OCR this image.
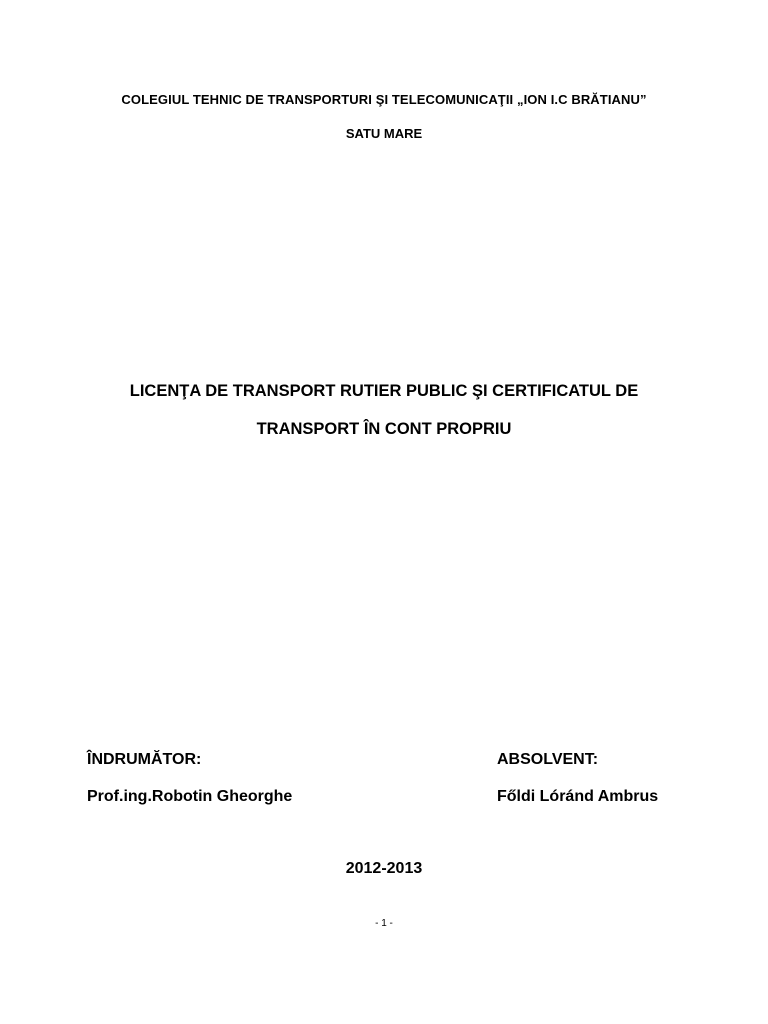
COLEGIUL TEHNIC DE TRANSPORTURI ŞI TELECOMUNICAŢII „ION I.C BRĂTIANU”
SATU MARE
LICENŢA DE TRANSPORT RUTIER PUBLIC ŞI CERTIFICATUL DE
TRANSPORT ÎN CONT PROPRIU
ÎNDRUMĂTOR:
Prof.ing.Robotin Gheorghe
ABSOLVENT:
Főldi Lóránd Ambrus
2012-2013
- 1 -
